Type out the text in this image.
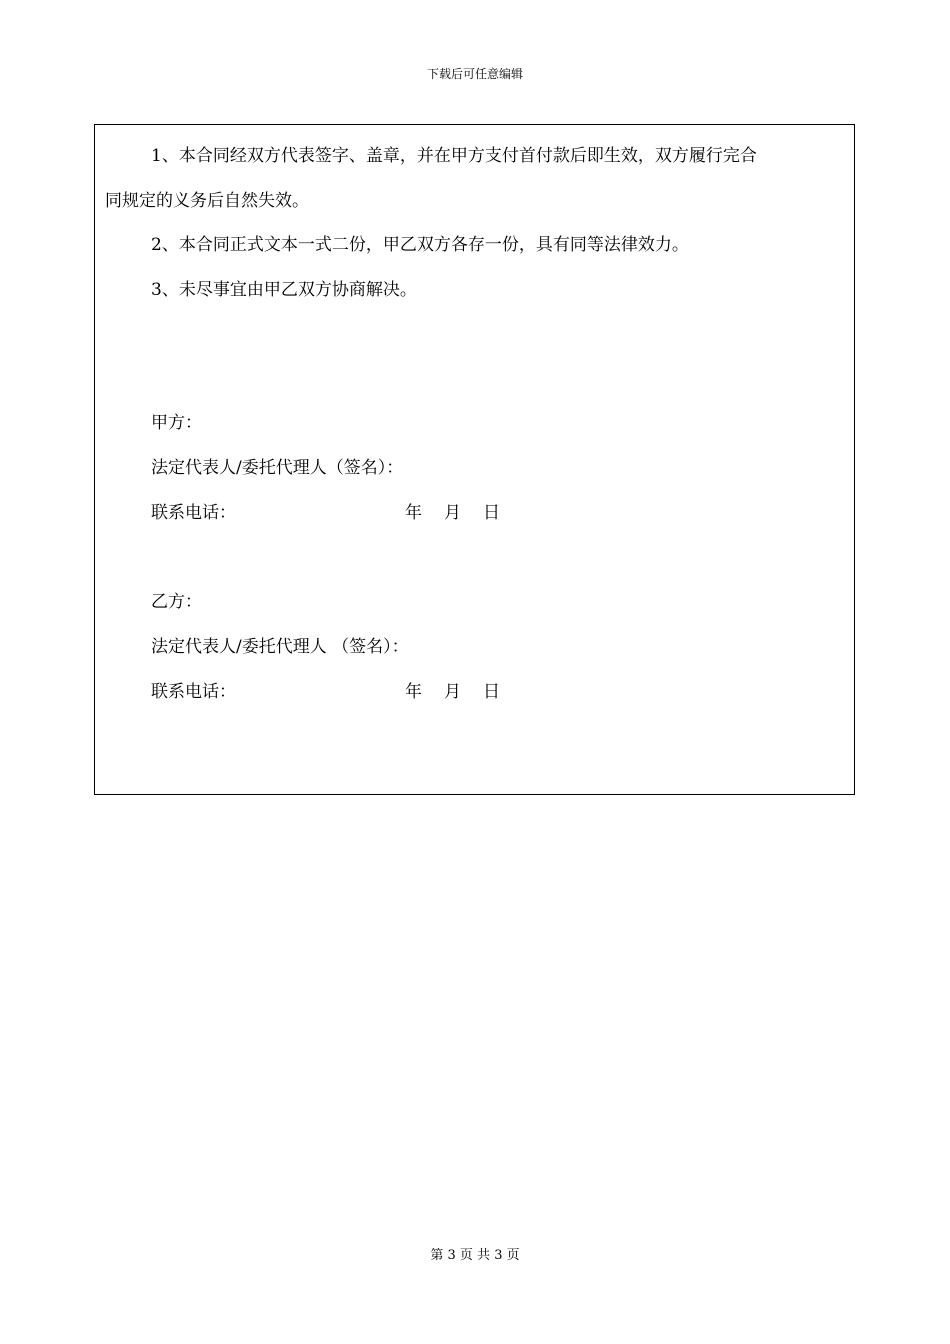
下载后可任意编辑
1、本合同经双方代表签字、盖章，并在甲方支付首付款后即生效，双方履行完合
同规定的义务后自然失效。
2、本合同正式文本一式二份，甲乙双方各存一份，具有同等法律效力。
3、未尽事宜由甲乙双方协商解决。
甲方：
法定代表人/委托代理人（签名）：
联系电话：	年 月 日
乙方：
法定代表人/委托代理人 （签名）：
联系电话：	年 月 日
第 3 页 共 3 页
